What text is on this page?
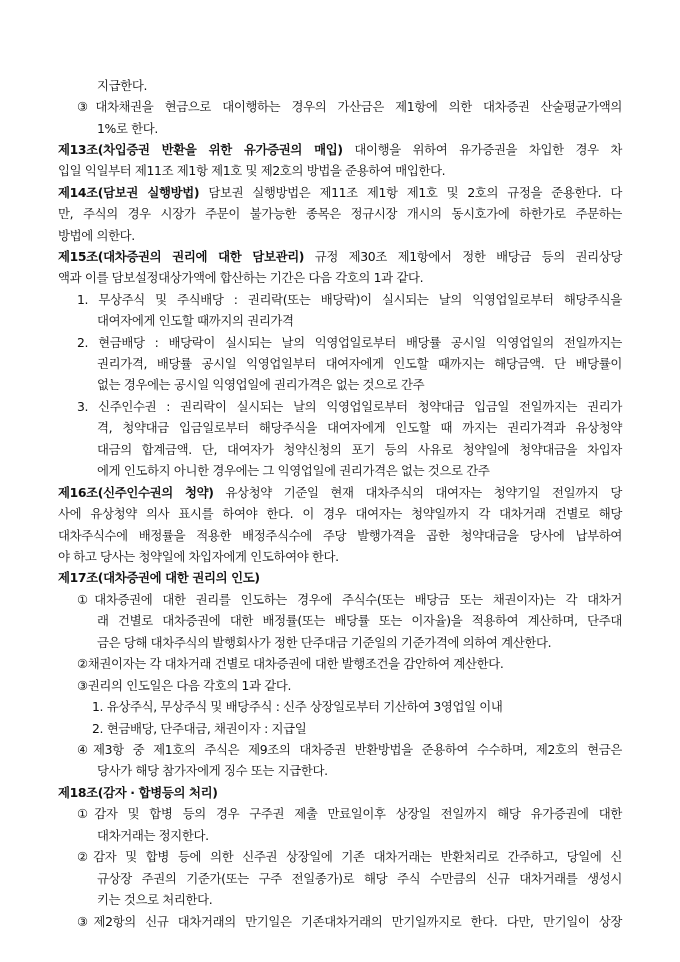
지급한다.
③대차채권을 현금으로 대이행하는 경우의 가산금은 제1항에 의한 대차증권 산술평균가액의
1%로 한다.
제13조(차입증권 반환을 위한 유가증권의 매입) 대이행을 위하여 유가증권을 차입한 경우 차
입일 익일부터 제11조 제1항 제1호 및 제2호의 방법을 준용하여 매입한다.
제14조(담보권 실행방법) 담보권 실행방법은 제11조 제1항 제1호 및 2호의 규정을 준용한다. 다
만, 주식의 경우 시장가 주문이 불가능한 종목은 정규시장 개시의 동시호가에 하한가로 주문하는
방법에 의한다.
제15조(대차증권의 권리에 대한 담보관리) 규정 제30조 제1항에서 정한 배당금 등의 권리상당
액과 이를 담보설정대상가액에 합산하는 기간은 다음 각호의 1과 같다.
1. 무상주식 및 주식배당 : 권리락(또는 배당락)이 실시되는 날의 익영업일로부터 해당주식을
대여자에게 인도할 때까지의 권리가격
2. 현금배당 : 배당락이 실시되는 날의 익영업일로부터 배당률 공시일 익영업일의 전일까지는
권리가격, 배당률 공시일 익영업일부터 대여자에게 인도할 때까지는 해당금액. 단 배당률이
없는 경우에는 공시일 익영업일에 권리가격은 없는 것으로 간주
3. 신주인수권 : 권리락이 실시되는 날의 익영업일로부터 청약대금 입금일 전일까지는 권리가
격, 청약대금 입금일로부터 해당주식을 대여자에게 인도할 때 까지는 권리가격과 유상청약
대금의 합계금액. 단, 대여자가 청약신청의 포기 등의 사유로 청약일에 청약대금을 차입자
에게 인도하지 아니한 경우에는 그 익영업일에 권리가격은 없는 것으로 간주
제16조(신주인수권의 청약) 유상청약 기준일 현재 대차주식의 대여자는 청약기일 전일까지 당
사에 유상청약 의사 표시를 하여야 한다. 이 경우 대여자는 청약일까지 각 대차거래 건별로 해당
대차주식수에 배정률을 적용한 배정주식수에 주당 발행가격을 곱한 청약대금을 당사에 납부하여
야 하고 당사는 청약일에 차입자에게 인도하여야 한다.
제17조(대차증권에 대한 권리의 인도)
①대차증권에 대한 권리를 인도하는 경우에 주식수(또는 배당금 또는 채권이자)는 각 대차거
래 건별로 대차증권에 대한 배정률(또는 배당률 또는 이자율)을 적용하여 계산하며, 단주대
금은 당해 대차주식의 발행회사가 정한 단주대금 기준일의 기준가격에 의하여 계산한다.
②채권이자는 각 대차거래 건별로 대차증권에 대한 발행조건을 감안하여 계산한다.
③권리의 인도일은 다음 각호의 1과 같다.
1. 유상주식, 무상주식 및 배당주식 : 신주 상장일로부터 기산하여 3영업일 이내
2. 현금배당, 단주대금, 채권이자 : 지급일
④제3항 중 제1호의 주식은 제9조의 대차증권 반환방법을 준용하여 수수하며, 제2호의 현금은
당사가 해당 참가자에게 징수 또는 지급한다.
제18조(감자 · 합병등의 처리)
①감자 및 합병 등의 경우 구주권 제출 만료일이후 상장일 전일까지 해당 유가증권에 대한
대차거래는 정지한다.
②감자 및 합병 등에 의한 신주권 상장일에 기존 대차거래는 반환처리로 간주하고, 당일에 신
규상장 주권의 기준가(또는 구주 전일종가)로 해당 주식 수만큼의 신규 대차거래를 생성시
키는 것으로 처리한다.
③제2항의 신규 대차거래의 만기일은 기존대차거래의 만기일까지로 한다. 다만, 만기일이 상장
